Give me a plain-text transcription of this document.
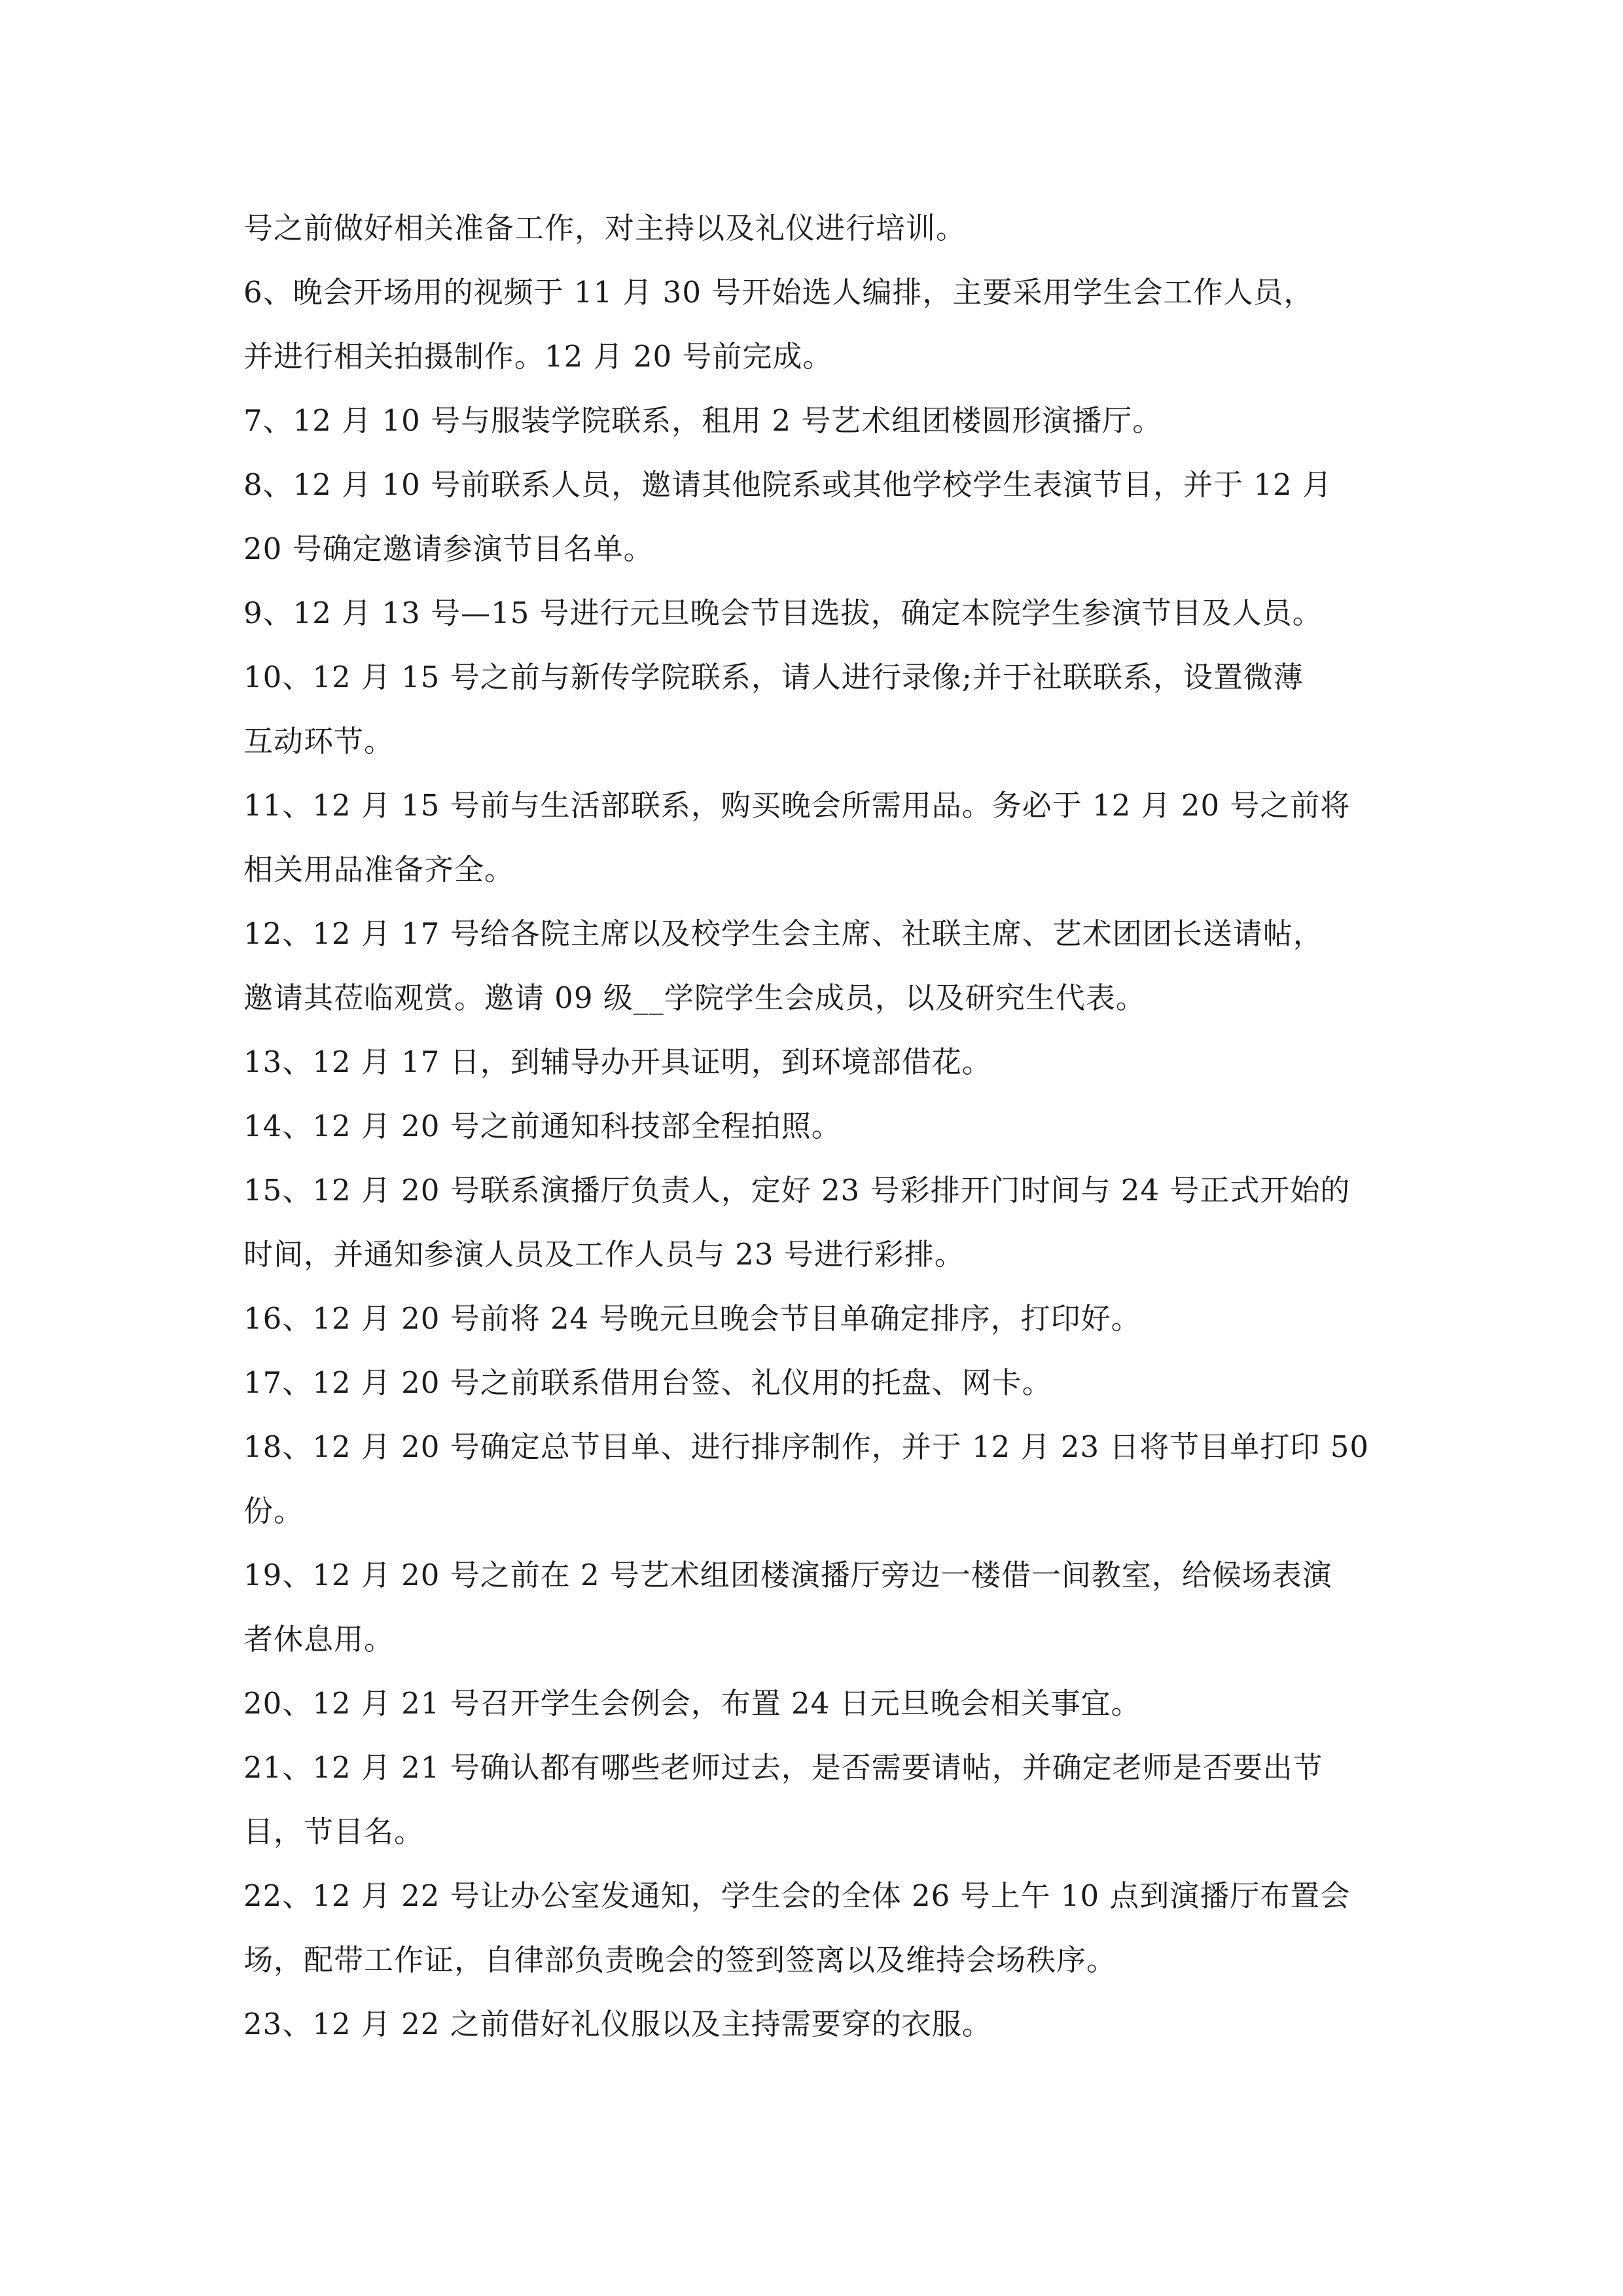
号之前做好相关准备工作，对主持以及礼仪进行培训。
6、晚会开场用的视频于 11 月 30 号开始选人编排，主要采用学生会工作人员，
并进行相关拍摄制作。12 月 20 号前完成。
7、12 月 10 号与服装学院联系，租用 2 号艺术组团楼圆形演播厅。
8、12 月 10 号前联系人员，邀请其他院系或其他学校学生表演节目，并于 12 月
20 号确定邀请参演节目名单。
9、12 月 13 号—15 号进行元旦晚会节目选拔，确定本院学生参演节目及人员。
10、12 月 15 号之前与新传学院联系，请人进行录像;并于社联联系，设置微薄
互动环节。
11、12 月 15 号前与生活部联系，购买晚会所需用品。务必于 12 月 20 号之前将
相关用品准备齐全。
12、12 月 17 号给各院主席以及校学生会主席、社联主席、艺术团团长送请帖，
邀请其莅临观赏。邀请 09 级__学院学生会成员，以及研究生代表。
13、12 月 17 日，到辅导办开具证明，到环境部借花。
14、12 月 20 号之前通知科技部全程拍照。
15、12 月 20 号联系演播厅负责人，定好 23 号彩排开门时间与 24 号正式开始的
时间，并通知参演人员及工作人员与 23 号进行彩排。
16、12 月 20 号前将 24 号晚元旦晚会节目单确定排序，打印好。
17、12 月 20 号之前联系借用台签、礼仪用的托盘、网卡。
18、12 月 20 号确定总节目单、进行排序制作，并于 12 月 23 日将节目单打印 50
份。
19、12 月 20 号之前在 2 号艺术组团楼演播厅旁边一楼借一间教室，给候场表演
者休息用。
20、12 月 21 号召开学生会例会，布置 24 日元旦晚会相关事宜。
21、12 月 21 号确认都有哪些老师过去，是否需要请帖，并确定老师是否要出节
目，节目名。
22、12 月 22 号让办公室发通知，学生会的全体 26 号上午 10 点到演播厅布置会
场，配带工作证，自律部负责晚会的签到签离以及维持会场秩序。
23、12 月 22 之前借好礼仪服以及主持需要穿的衣服。
